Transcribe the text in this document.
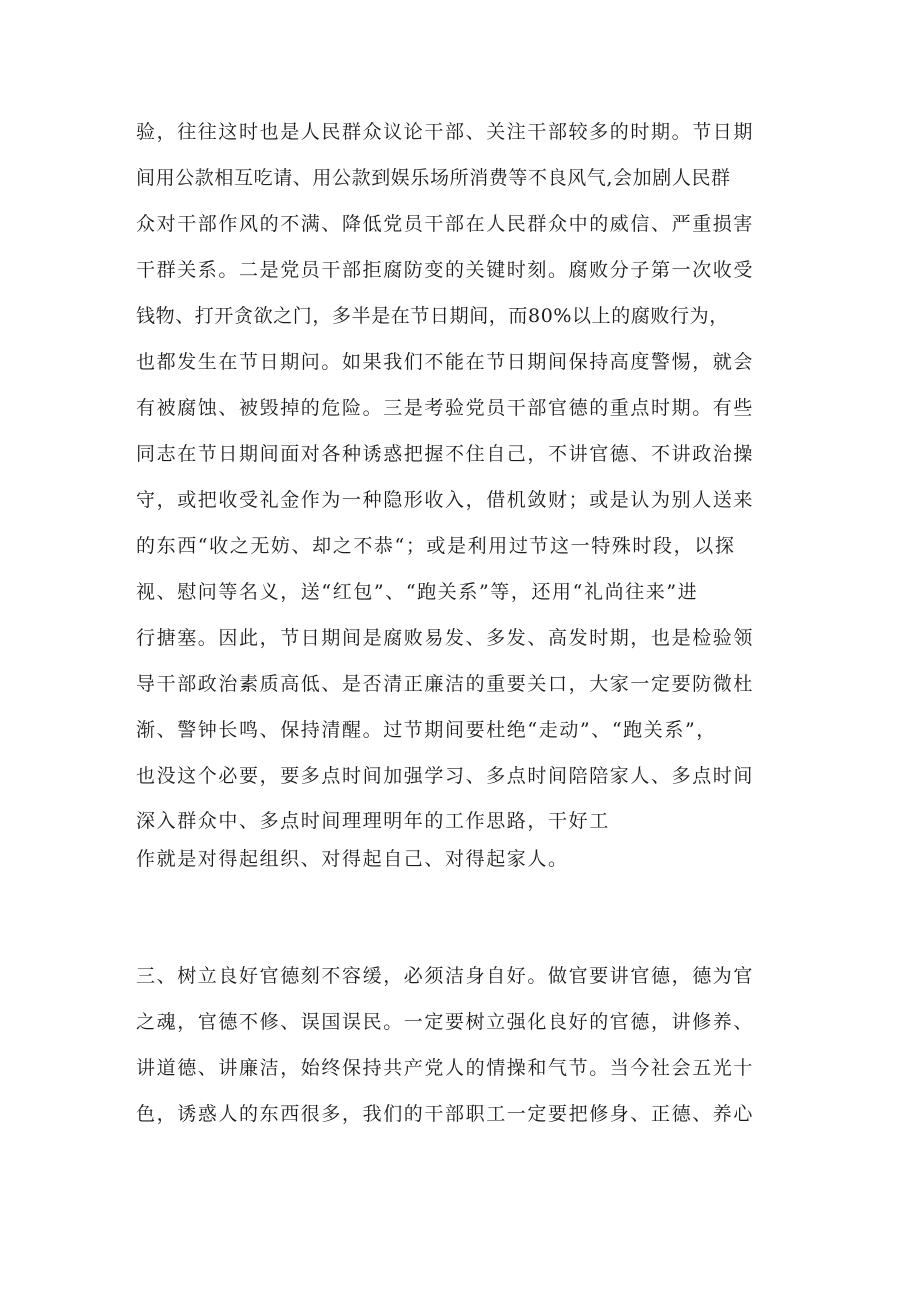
验，往往这时也是人民群众议论干部、关注干部较多的时期。节日期
间用公款相互吃请、用公款到娱乐场所消费等不良风气,会加剧人民群
众对干部作风的不满、降低党员干部在人民群众中的威信、严重损害
干群关系。二是党员干部拒腐防变的关键时刻。腐败分子第一次收受
钱物、打开贪欲之门，多半是在节日期间，而80%以上的腐败行为，
也都发生在节日期问。如果我们不能在节日期间保持高度警惕，就会
有被腐蚀、被毁掉的危险。三是考验党员干部官德的重点时期。有些
同志在节日期间面对各种诱惑把握不住自己，不讲官德、不讲政治操
守，或把收受礼金作为一种隐形收入，借机敛财；或是认为别人送来
的东西“收之无妨、却之不恭“；或是利用过节这一特殊时段，以探
视、慰问等名义，送“红包”、“跑关系”等，还用“礼尚往来”进
行搪塞。因此，节日期间是腐败易发、多发、高发时期，也是检验领
导干部政治素质高低、是否清正廉洁的重要关口，大家一定要防微杜
渐、警钟长鸣、保持清醒。过节期间要杜绝“走动”、“跑关系”，
也没这个必要，要多点时间加强学习、多点时间陪陪家人、多点时间
深入群众中、多点时间理理明年的工作思路，干好工
作就是对得起组织、对得起自己、对得起家人。
三、树立良好官德刻不容缓，必须洁身自好。做官要讲官德，德为官
之魂，官德不修、误国误民。一定要树立强化良好的官德，讲修养、
讲道德、讲廉洁，始终保持共产党人的情操和气节。当今社会五光十
色，诱惑人的东西很多，我们的干部职工一定要把修身、正德、养心
